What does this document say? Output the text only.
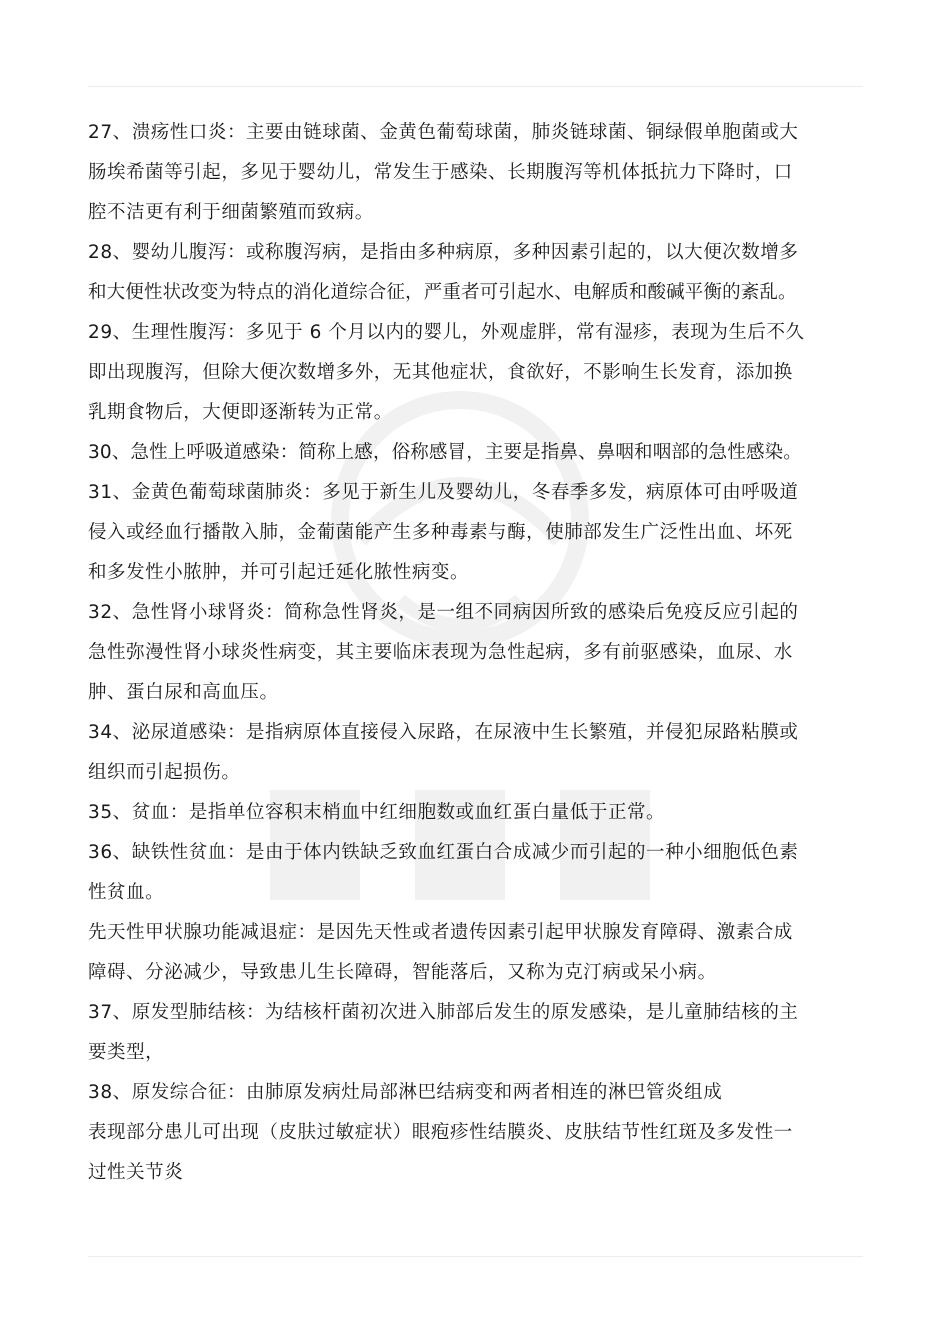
27、溃疡性口炎：主要由链球菌、金黄色葡萄球菌，肺炎链球菌、铜绿假单胞菌或大
肠埃希菌等引起，多见于婴幼儿，常发生于感染、长期腹泻等机体抵抗力下降时，口
腔不洁更有利于细菌繁殖而致病。
28、婴幼儿腹泻：或称腹泻病，是指由多种病原，多种因素引起的，以大便次数增多
和大便性状改变为特点的消化道综合征，严重者可引起水、电解质和酸碱平衡的紊乱。
29、生理性腹泻：多见于 6 个月以内的婴儿，外观虚胖，常有湿疹，表现为生后不久
即出现腹泻，但除大便次数增多外，无其他症状，食欲好，不影响生长发育，添加换
乳期食物后，大便即逐渐转为正常。
30、急性上呼吸道感染：简称上感，俗称感冒，主要是指鼻、鼻咽和咽部的急性感染。
31、金黄色葡萄球菌肺炎：多见于新生儿及婴幼儿，冬春季多发，病原体可由呼吸道
侵入或经血行播散入肺，金葡菌能产生多种毒素与酶，使肺部发生广泛性出血、坏死
和多发性小脓肿，并可引起迁延化脓性病变。
32、急性肾小球肾炎：简称急性肾炎，是一组不同病因所致的感染后免疫反应引起的
急性弥漫性肾小球炎性病变，其主要临床表现为急性起病，多有前驱感染，血尿、水
肿、蛋白尿和高血压。
34、泌尿道感染：是指病原体直接侵入尿路，在尿液中生长繁殖，并侵犯尿路粘膜或
组织而引起损伤。
35、贫血：是指单位容积末梢血中红细胞数或血红蛋白量低于正常。
36、缺铁性贫血：是由于体内铁缺乏致血红蛋白合成减少而引起的一种小细胞低色素
性贫血。
先天性甲状腺功能减退症：是因先天性或者遗传因素引起甲状腺发育障碍、激素合成
障碍、分泌减少，导致患儿生长障碍，智能落后，又称为克汀病或呆小病。
37、原发型肺结核：为结核杆菌初次进入肺部后发生的原发感染，是儿童肺结核的主
要类型，
38、原发综合征：由肺原发病灶局部淋巴结病变和两者相连的淋巴管炎组成
表现部分患儿可出现（皮肤过敏症状）眼疱疹性结膜炎、皮肤结节性红斑及多发性一
过性关节炎
